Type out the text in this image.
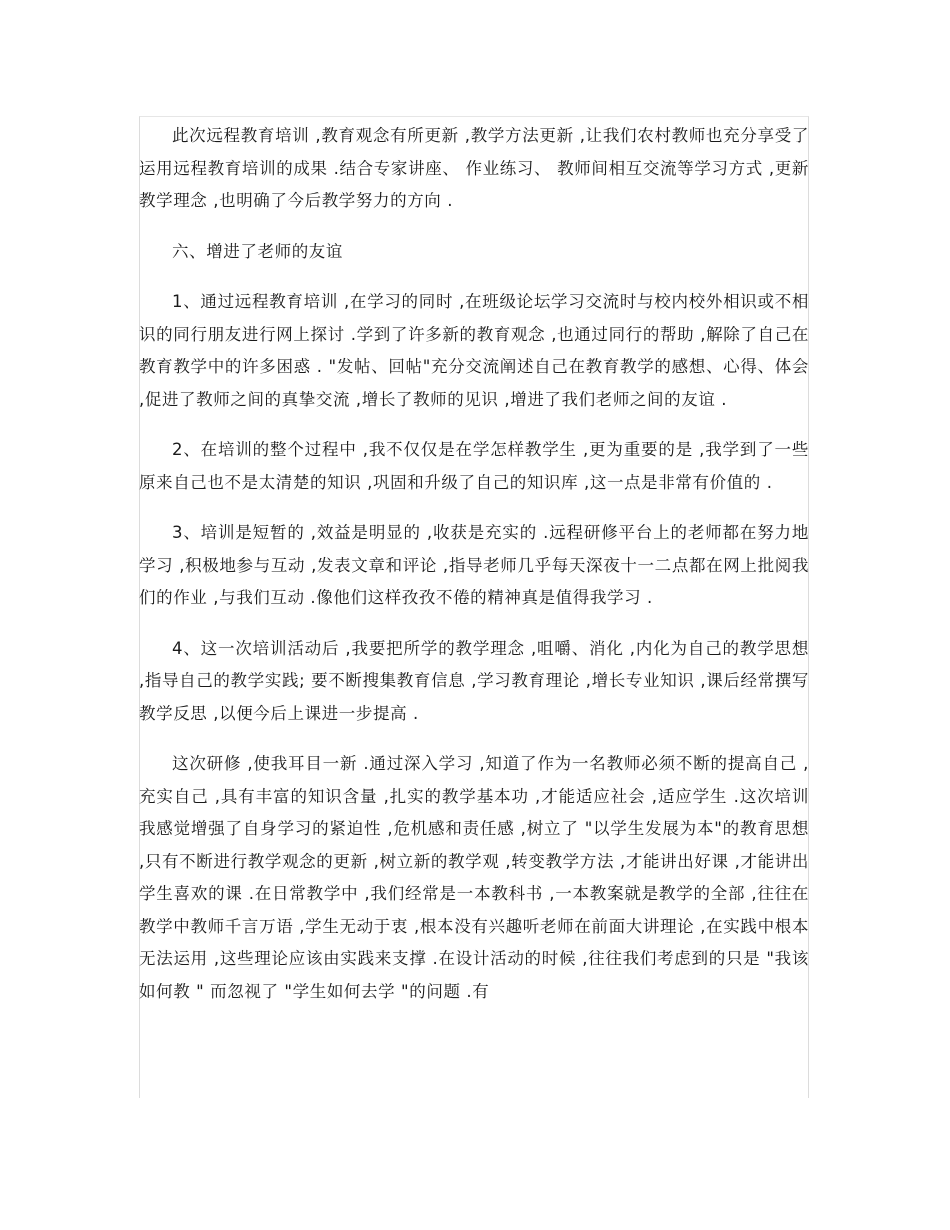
此次远程教育培训 ,教育观念有所更新 ,教学方法更新 ,让我们农村教师也充分享受了运用远程教育培训的成果 .结合专家讲座、 作业练习、 教师间相互交流等学习方式 ,更新教学理念 ,也明确了今后教学努力的方向 .

六、增进了老师的友谊

1、通过远程教育培训 ,在学习的同时 ,在班级论坛学习交流时与校内校外相识或不相识的同行朋友进行网上探讨 .学到了许多新的教育观念 ,也通过同行的帮助 ,解除了自己在教育教学中的许多困惑 . "发帖、回帖"充分交流阐述自己在教育教学的感想、心得、体会 ,促进了教师之间的真挚交流 ,增长了教师的见识 ,增进了我们老师之间的友谊 .

2、在培训的整个过程中 ,我不仅仅是在学怎样教学生 ,更为重要的是 ,我学到了一些原来自己也不是太清楚的知识 ,巩固和升级了自己的知识库 ,这一点是非常有价值的 .

3、培训是短暂的 ,效益是明显的 ,收获是充实的 .远程研修平台上的老师都在努力地学习 ,积极地参与互动 ,发表文章和评论 ,指导老师几乎每天深夜十一二点都在网上批阅我们的作业 ,与我们互动 .像他们这样孜孜不倦的精神真是值得我学习 .

4、这一次培训活动后 ,我要把所学的教学理念 ,咀嚼、消化 ,内化为自己的教学思想 ,指导自己的教学实践; 要不断搜集教育信息 ,学习教育理论 ,增长专业知识 ,课后经常撰写教学反思 ,以便今后上课进一步提高 .

这次研修 ,使我耳目一新 .通过深入学习 ,知道了作为一名教师必须不断的提高自己 ,充实自己 ,具有丰富的知识含量 ,扎实的教学基本功 ,才能适应社会 ,适应学生 .这次培训我感觉增强了自身学习的紧迫性 ,危机感和责任感 ,树立了 "以学生发展为本"的教育思想 ,只有不断进行教学观念的更新 ,树立新的教学观 ,转变教学方法 ,才能讲出好课 ,才能讲出学生喜欢的课 .在日常教学中 ,我们经常是一本教科书 ,一本教案就是教学的全部 ,往往在教学中教师千言万语 ,学生无动于衷 ,根本没有兴趣听老师在前面大讲理论 ,在实践中根本无法运用 ,这些理论应该由实践来支撑 .在设计活动的时候 ,往往我们考虑到的只是 "我该如何教 " 而忽视了 "学生如何去学 "的问题 .有
